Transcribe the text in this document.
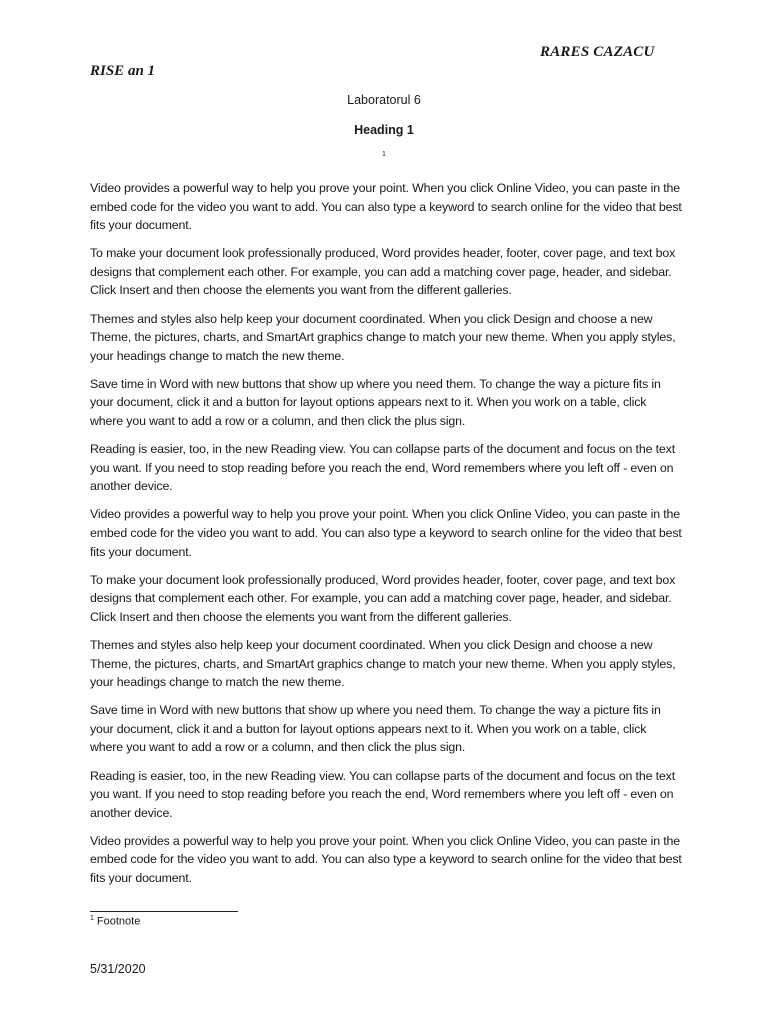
RARES CAZACU
RISE an 1
Laboratorul 6
Heading 1
1

Video provides a powerful way to help you prove your point. When you click Online Video, you can paste in the embed code for the video you want to add. You can also type a keyword to search online for the video that best fits your document.

To make your document look professionally produced, Word provides header, footer, cover page, and text box designs that complement each other. For example, you can add a matching cover page, header, and sidebar. Click Insert and then choose the elements you want from the different galleries.

Themes and styles also help keep your document coordinated. When you click Design and choose a new Theme, the pictures, charts, and SmartArt graphics change to match your new theme. When you apply styles, your headings change to match the new theme.

Save time in Word with new buttons that show up where you need them. To change the way a picture fits in your document, click it and a button for layout options appears next to it. When you work on a table, click where you want to add a row or a column, and then click the plus sign.

Reading is easier, too, in the new Reading view. You can collapse parts of the document and focus on the text you want. If you need to stop reading before you reach the end, Word remembers where you left off - even on another device.

Video provides a powerful way to help you prove your point. When you click Online Video, you can paste in the embed code for the video you want to add. You can also type a keyword to search online for the video that best fits your document.

To make your document look professionally produced, Word provides header, footer, cover page, and text box designs that complement each other. For example, you can add a matching cover page, header, and sidebar. Click Insert and then choose the elements you want from the different galleries.

Themes and styles also help keep your document coordinated. When you click Design and choose a new Theme, the pictures, charts, and SmartArt graphics change to match your new theme. When you apply styles, your headings change to match the new theme.

Save time in Word with new buttons that show up where you need them. To change the way a picture fits in your document, click it and a button for layout options appears next to it. When you work on a table, click where you want to add a row or a column, and then click the plus sign.

Reading is easier, too, in the new Reading view. You can collapse parts of the document and focus on the text you want. If you need to stop reading before you reach the end, Word remembers where you left off - even on another device.

Video provides a powerful way to help you prove your point. When you click Online Video, you can paste in the embed code for the video you want to add. You can also type a keyword to search online for the video that best fits your document.

$^1$ Footnote
5/31/2020
